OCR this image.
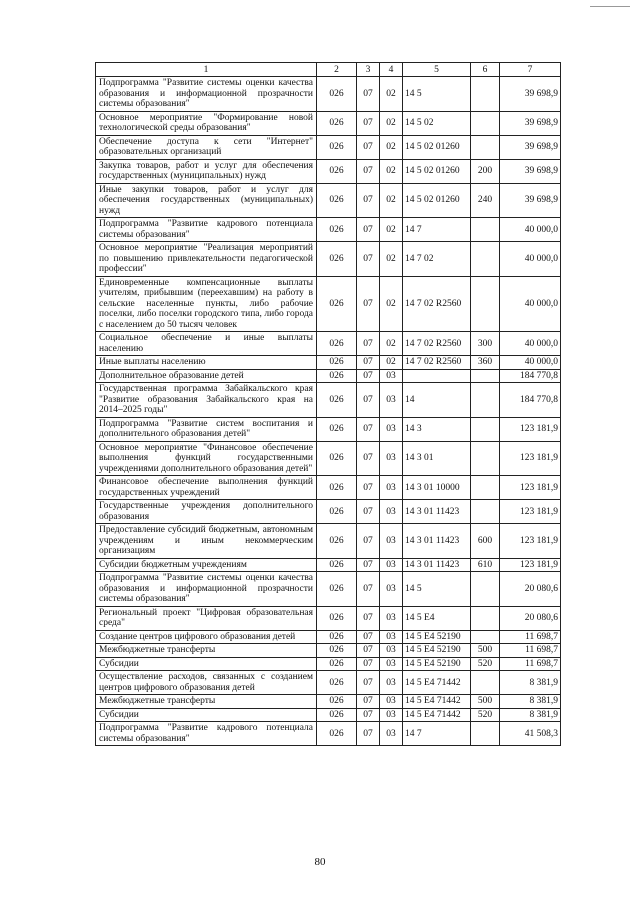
1	2	3	4	5	6	7
Подпрограмма "Развитие системы оценки качества образования и информационной прозрачности системы образования"	026	07	02	14 5		39 698,9
Основное мероприятие "Формирование новой технологической среды образования"	026	07	02	14 5 02		39 698,9
Обеспечение доступа к сети "Интернет" образовательных организаций	026	07	02	14 5 02 01260		39 698,9
Закупка товаров, работ и услуг для обеспечения государственных (муниципальных) нужд	026	07	02	14 5 02 01260	200	39 698,9
Иные закупки товаров, работ и услуг для обеспечения государственных (муниципальных) нужд	026	07	02	14 5 02 01260	240	39 698,9
Подпрограмма "Развитие кадрового потенциала системы образования"	026	07	02	14 7		40 000,0
Основное мероприятие "Реализация мероприятий по повышению привлекательности педагогической профессии"	026	07	02	14 7 02		40 000,0
Единовременные компенсационные выплаты учителям, прибывшим (переехавшим) на работу в сельские населенные пункты, либо рабочие поселки, либо поселки городского типа, либо города с населением до 50 тысяч человек	026	07	02	14 7 02 R2560		40 000,0
Социальное обеспечение и иные выплаты населению	026	07	02	14 7 02 R2560	300	40 000,0
Иные выплаты населению	026	07	02	14 7 02 R2560	360	40 000,0
Дополнительное образование детей	026	07	03			184 770,8
Государственная программа Забайкальского края "Развитие образования Забайкальского края на 2014–2025 годы"	026	07	03	14		184 770,8
Подпрограмма "Развитие систем воспитания и дополнительного образования детей"	026	07	03	14 3		123 181,9
Основное мероприятие "Финансовое обеспечение выполнения функций государственными учреждениями дополнительного образования детей"	026	07	03	14 3 01		123 181,9
Финансовое обеспечение выполнения функций государственных учреждений	026	07	03	14 3 01 10000		123 181,9
Государственные учреждения дополнительного образования	026	07	03	14 3 01 11423		123 181,9
Предоставление субсидий бюджетным, автономным учреждениям и иным некоммерческим организациям	026	07	03	14 3 01 11423	600	123 181,9
Субсидии бюджетным учреждениям	026	07	03	14 3 01 11423	610	123 181,9
Подпрограмма "Развитие системы оценки качества образования и информационной прозрачности системы образования"	026	07	03	14 5		20 080,6
Региональный проект "Цифровая образовательная среда"	026	07	03	14 5 E4		20 080,6
Создание центров цифрового образования детей	026	07	03	14 5 E4 52190		11 698,7
Межбюджетные трансферты	026	07	03	14 5 E4 52190	500	11 698,7
Субсидии	026	07	03	14 5 E4 52190	520	11 698,7
Осуществление расходов, связанных с созданием центров цифрового образования детей	026	07	03	14 5 E4 71442		8 381,9
Межбюджетные трансферты	026	07	03	14 5 E4 71442	500	8 381,9
Субсидии	026	07	03	14 5 E4 71442	520	8 381,9
Подпрограмма "Развитие кадрового потенциала системы образования"	026	07	03	14 7		41 508,3
80
